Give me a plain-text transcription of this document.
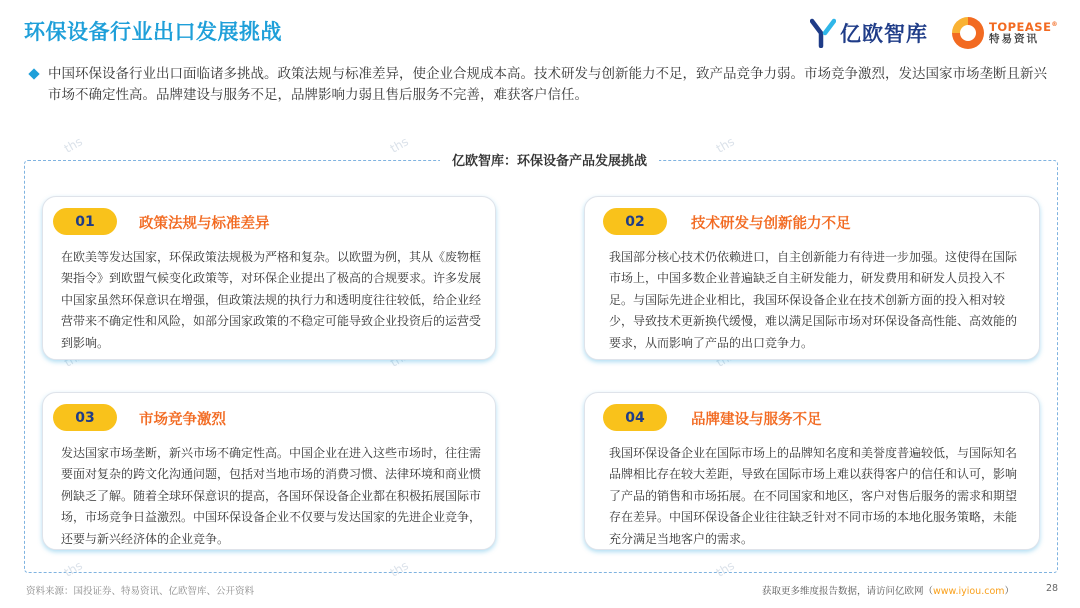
环保设备行业出口发展挑战	亿欧智库	TOPEASE®
特易资讯

中国环保设备行业出口面临诸多挑战。政策法规与标准差异，使企业合规成本高。技术研发与创新能力不足，致产品竞争力弱。市场竞争激烈，发达国家市场垄断且新兴市场不确定性高。品牌建设与服务不足，品牌影响力弱且售后服务不完善，难获客户信任。

亿欧智库：环保设备产品发展挑战
ths	ths	ths
ths	ths	ths
01	政策法规与标准差异
在欧美等发达国家，环保政策法规极为严格和复杂。以欧盟为例，其从《废物框架指令》到欧盟气候变化政策等，对环保企业提出了极高的合规要求。许多发展中国家虽然环保意识在增强，但政策法规的执行力和透明度往往较低，给企业经营带来不确定性和风险，如部分国家政策的不稳定可能导致企业投资后的运营受到影响。
02	技术研发与创新能力不足
我国部分核心技术仍依赖进口，自主创新能力有待进一步加强。这使得在国际市场上，中国多数企业普遍缺乏自主研发能力，研发费用和研发人员投入不足。与国际先进企业相比，我国环保设备企业在技术创新方面的投入相对较少，导致技术更新换代缓慢，难以满足国际市场对环保设备高性能、高效能的要求，从而影响了产品的出口竞争力。
03	市场竞争激烈
发达国家市场垄断，新兴市场不确定性高。中国企业在进入这些市场时，往往需要面对复杂的跨文化沟通问题，包括对当地市场的消费习惯、法律环境和商业惯例缺乏了解。随着全球环保意识的提高，各国环保设备企业都在积极拓展国际市场，市场竞争日益激烈。中国环保设备企业不仅要与发达国家的先进企业竞争，还要与新兴经济体的企业竞争。
04	品牌建设与服务不足
我国环保设备企业在国际市场上的品牌知名度和美誉度普遍较低，与国际知名品牌相比存在较大差距，导致在国际市场上难以获得客户的信任和认可，影响了产品的销售和市场拓展。在不同国家和地区，客户对售后服务的需求和期望存在差异。中国环保设备企业往往缺乏针对不同市场的本地化服务策略，未能充分满足当地客户的需求。
资料来源：国投证券、特易资讯、亿欧智库、公开资料	获取更多维度报告数据，请访问亿欧网（www.iyiou.com）	28
